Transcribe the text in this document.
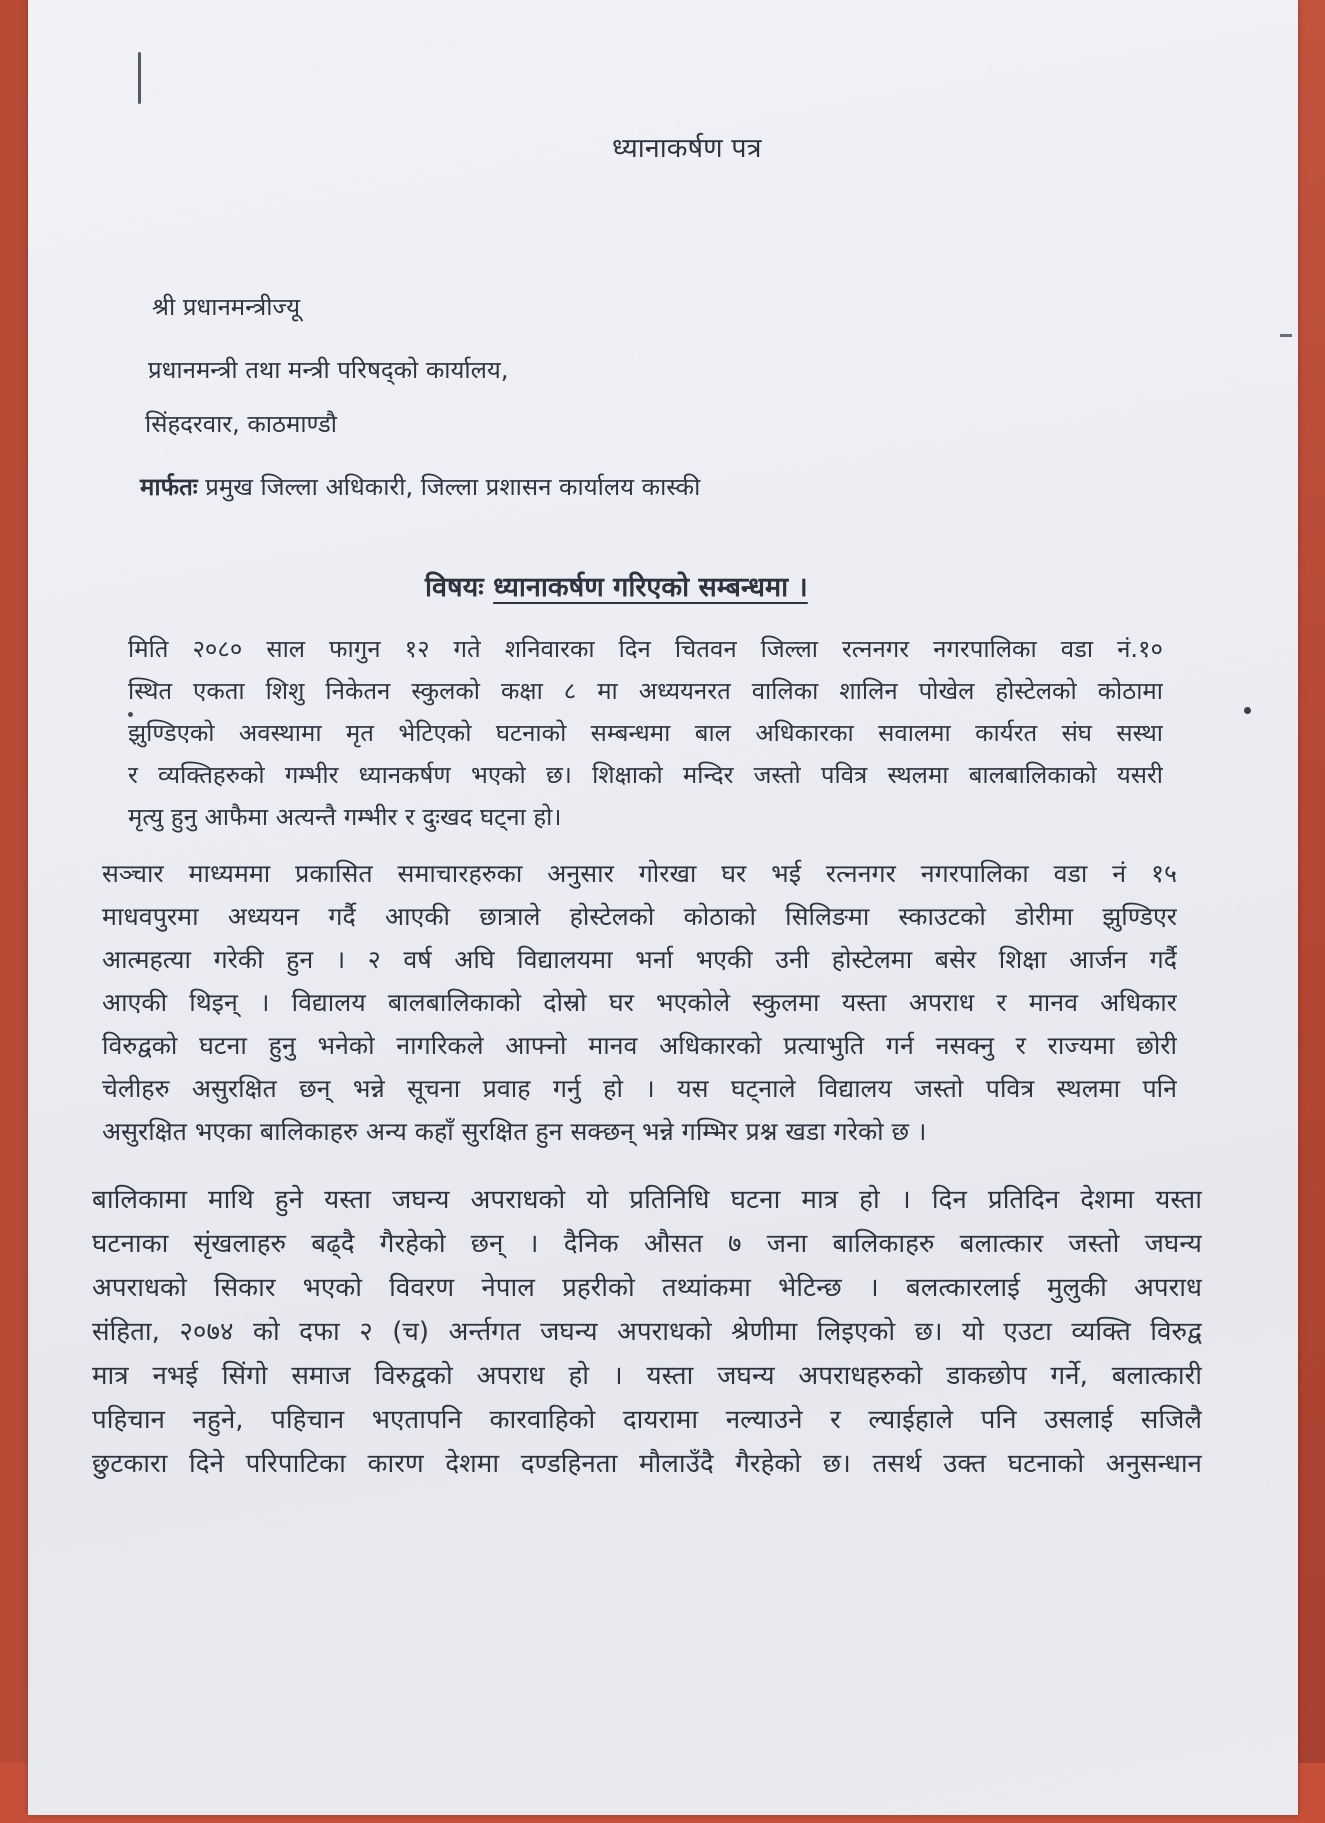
ध्यानाकर्षण पत्र
श्री प्रधानमन्त्रीज्यू
प्रधानमन्त्री तथा मन्त्री परिषद्को कार्यालय,
सिंहदरवार, काठमाण्डौ
मार्फतः प्रमुख जिल्ला अधिकारी, जिल्ला प्रशासन कार्यालय कास्की
विषयः ध्यानाकर्षण गरिएको सम्बन्धमा ।
मिति २०८० साल फागुन १२ गते शनिवारका दिन चितवन जिल्ला रत्ननगर नगरपालिका वडा नं.१०
स्थित एकता शिशु निकेतन स्कुलको कक्षा ८ मा अध्ययनरत वालिका शालिन पोखेल होस्टेलको कोठामा
झुण्डिएको अवस्थामा मृत भेटिएको घटनाको सम्बन्धमा बाल अधिकारका सवालमा कार्यरत संघ सस्था
र व्यक्तिहरुको गम्भीर ध्यानकर्षण भएको छ। शिक्षाको मन्दिर जस्तो पवित्र स्थलमा बालबालिकाको यसरी
मृत्यु हुनु आफैमा अत्यन्तै गम्भीर र दुःखद घट्ना हो।
सञ्चार माध्यममा प्रकासित समाचारहरुका अनुसार गोरखा घर भई रत्ननगर नगरपालिका वडा नं १५
माधवपुरमा अध्ययन गर्दै आएकी छात्राले होस्टेलको कोठाको सिलिङमा स्काउटको डोरीमा झुण्डिएर
आत्महत्या गरेकी हुन । २ वर्ष अघि विद्यालयमा भर्ना भएकी उनी होस्टेलमा बसेर शिक्षा आर्जन गर्दै
आएकी थिइन् । विद्यालय बालबालिकाको दोस्रो घर भएकोले स्कुलमा यस्ता अपराध र मानव अधिकार
विरुद्वको घटना हुनु भनेको नागरिकले आफ्नो मानव अधिकारको प्रत्याभुति गर्न नसक्नु र राज्यमा छोरी
चेलीहरु असुरक्षित छन् भन्ने सूचना प्रवाह गर्नु हो । यस घट्नाले विद्यालय जस्तो पवित्र स्थलमा पनि
असुरक्षित भएका बालिकाहरु अन्य कहाँ सुरक्षित हुन सक्छन् भन्ने गम्भिर प्रश्न खडा गरेको छ ।
बालिकामा माथि हुने यस्ता जघन्य अपराधको यो प्रतिनिधि घटना मात्र हो । दिन प्रतिदिन देशमा यस्ता
घटनाका सृंखलाहरु बढ्दै गैरहेको छन् । दैनिक औसत ७ जना बालिकाहरु बलात्कार जस्तो जघन्य
अपराधको सिकार भएको विवरण नेपाल प्रहरीको तथ्यांकमा भेटिन्छ । बलत्कारलाई मुलुकी अपराध
संहिता, २०७४ को दफा २ (च) अर्न्तगत जघन्य अपराधको श्रेणीमा लिइएको छ। यो एउटा व्यक्ति विरुद्व
मात्र नभई सिंगो समाज विरुद्वको अपराध हो । यस्ता जघन्य अपराधहरुको डाकछोप गर्ने, बलात्कारी
पहिचान नहुने, पहिचान भएतापनि कारवाहिको दायरामा नल्याउने र ल्याईहाले पनि उसलाई सजिलै
छुटकारा दिने परिपाटिका कारण देशमा दण्डहिनता मौलाउँदै गैरहेको छ। तसर्थ उक्त घटनाको अनुसन्धान
